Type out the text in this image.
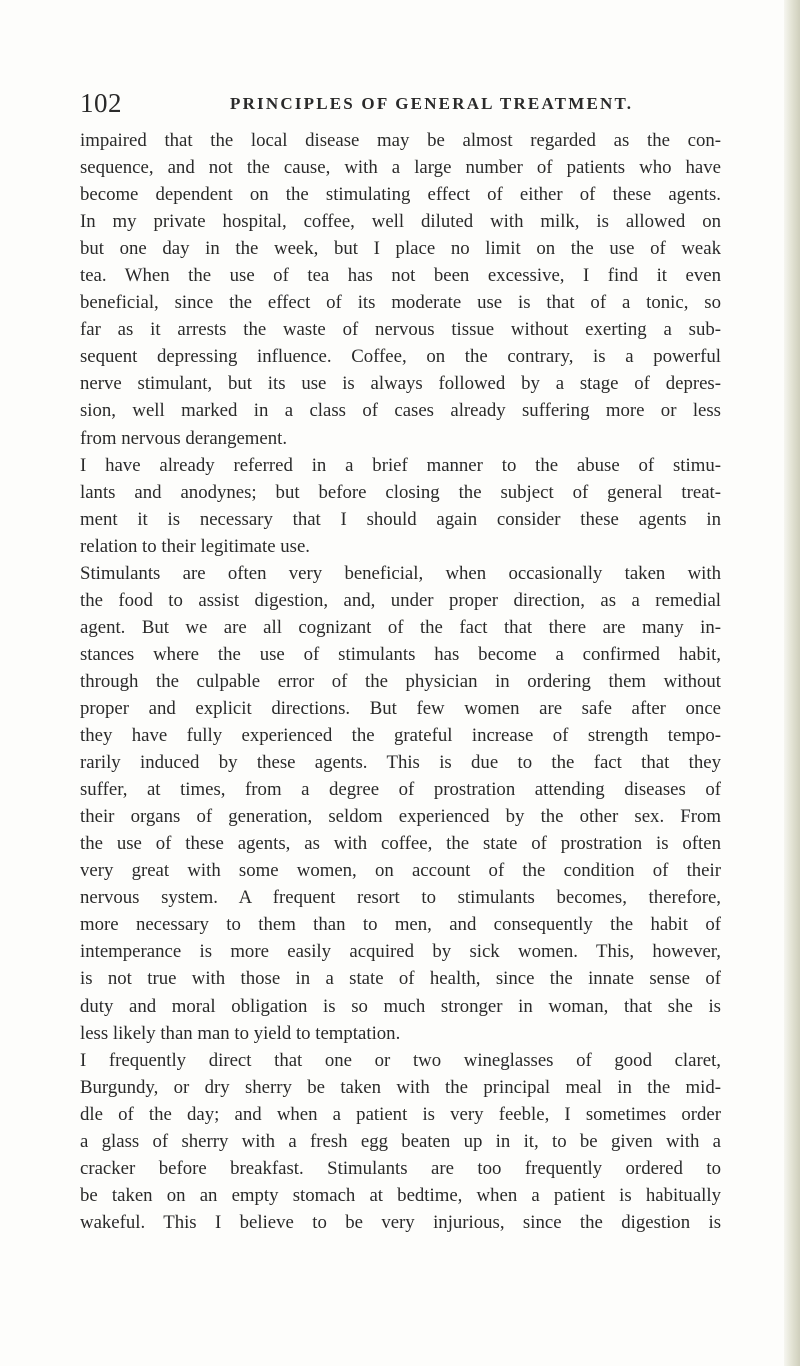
102	PRINCIPLES OF GENERAL TREATMENT.
impaired that the local disease may be almost regarded as the con-
sequence, and not the cause, with a large number of patients who have
become dependent on the stimulating effect of either of these agents.
In my private hospital, coffee, well diluted with milk, is allowed on
but one day in the week, but I place no limit on the use of weak
tea. When the use of tea has not been excessive, I find it even
beneficial, since the effect of its moderate use is that of a tonic, so
far as it arrests the waste of nervous tissue without exerting a sub-
sequent depressing influence. Coffee, on the contrary, is a powerful
nerve stimulant, but its use is always followed by a stage of depres-
sion, well marked in a class of cases already suffering more or less
from nervous derangement.
I have already referred in a brief manner to the abuse of stimu-
lants and anodynes; but before closing the subject of general treat-
ment it is necessary that I should again consider these agents in
relation to their legitimate use.
Stimulants are often very beneficial, when occasionally taken with
the food to assist digestion, and, under proper direction, as a remedial
agent. But we are all cognizant of the fact that there are many in-
stances where the use of stimulants has become a confirmed habit,
through the culpable error of the physician in ordering them without
proper and explicit directions. But few women are safe after once
they have fully experienced the grateful increase of strength tempo-
rarily induced by these agents. This is due to the fact that they
suffer, at times, from a degree of prostration attending diseases of
their organs of generation, seldom experienced by the other sex. From
the use of these agents, as with coffee, the state of prostration is often
very great with some women, on account of the condition of their
nervous system. A frequent resort to stimulants becomes, therefore,
more necessary to them than to men, and consequently the habit of
intemperance is more easily acquired by sick women. This, however,
is not true with those in a state of health, since the innate sense of
duty and moral obligation is so much stronger in woman, that she is
less likely than man to yield to temptation.
I frequently direct that one or two wineglasses of good claret,
Burgundy, or dry sherry be taken with the principal meal in the mid-
dle of the day; and when a patient is very feeble, I sometimes order
a glass of sherry with a fresh egg beaten up in it, to be given with a
cracker before breakfast. Stimulants are too frequently ordered to
be taken on an empty stomach at bedtime, when a patient is habitually
wakeful. This I believe to be very injurious, since the digestion is
